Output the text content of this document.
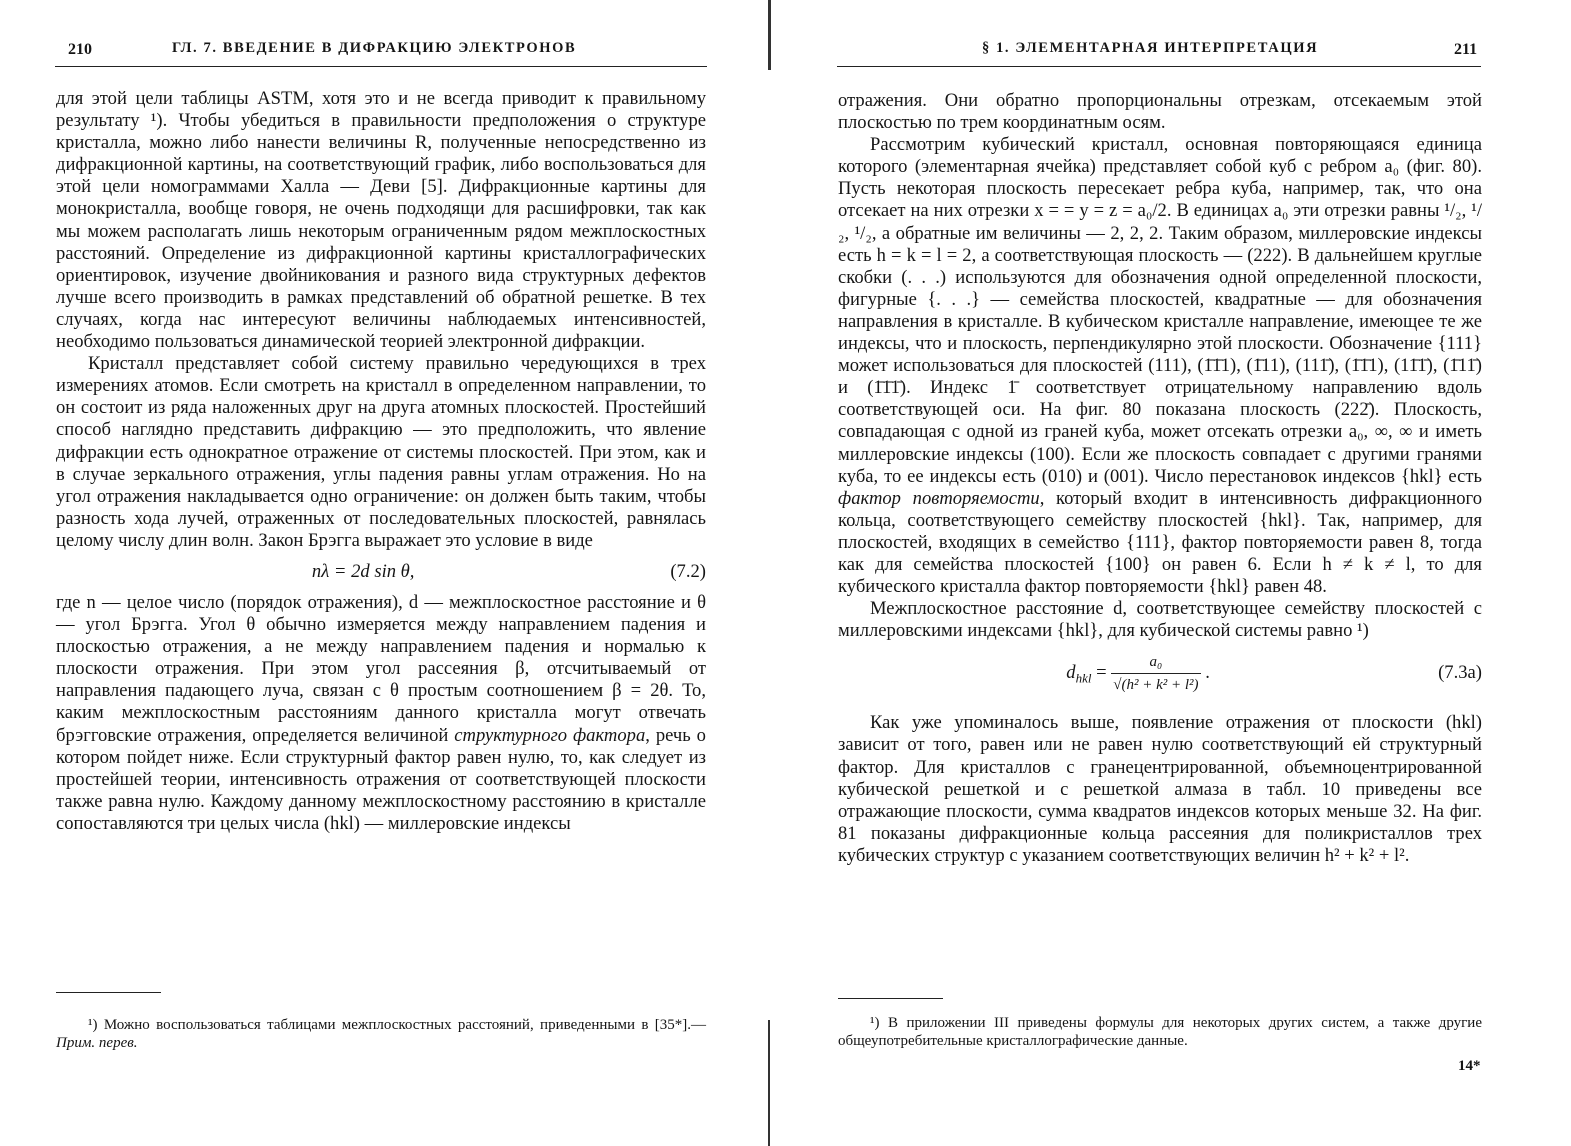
210	ГЛ. 7. ВВЕДЕНИЕ В ДИФРАКЦИЮ ЭЛЕКТРОНОВ

для этой цели таблицы ASTM, хотя это и не всегда приводит к правильному результату ¹). Чтобы убедиться в правильности предположения о структуре кристалла, можно либо нанести величины R, полученные непосредственно из дифракционной картины, на соответствующий график, либо воспользоваться для этой цели номограммами Халла — Деви [5]. Дифракционные картины для монокристалла, вообще говоря, не очень подходящи для расшифровки, так как мы можем располагать лишь некоторым ограниченным рядом межплоскостных расстояний. Определение из дифракционной картины кристаллографических ориентировок, изучение двойникования и разного вида структурных дефектов лучше всего производить в рамках представлений об обратной решетке. В тех случаях, когда нас интересуют величины наблюдаемых интенсивностей, необходимо пользоваться динамической теорией электронной дифракции.

Кристалл представляет собой систему правильно чередующихся в трех измерениях атомов. Если смотреть на кристалл в определенном направлении, то он состоит из ряда наложенных друг на друга атомных плоскостей. Простейший способ наглядно представить дифракцию — это предположить, что явление дифракции есть однократное отражение от системы плоскостей. При этом, как и в случае зеркального отражения, углы падения равны углам отражения. Но на угол отражения накладывается одно ограничение: он должен быть таким, чтобы разность хода лучей, отраженных от последовательных плоскостей, равнялась целому числу длин волн. Закон Брэгга выражает это условие в виде

nλ = 2d sin θ,	(7.2)

где n — целое число (порядок отражения), d — межплоскостное расстояние и θ — угол Брэгга. Угол θ обычно измеряется между направлением падения и плоскостью отражения, а не между направлением падения и нормалью к плоскости отражения. При этом угол рассеяния β, отсчитываемый от направления падающего луча, связан с θ простым соотношением β = 2θ. То, каким межплоскостным расстояниям данного кристалла могут отвечать брэгговские отражения, определяется величиной структурного фактора, речь о котором пойдет ниже. Если структурный фактор равен нулю, то, как следует из простейшей теории, интенсивность отражения от соответствующей плоскости также равна нулю. Каждому данному межплоскостному расстоянию в кристалле сопоставляются три целых числа (hkl) — миллеровские индексы

¹) Можно воспользоваться таблицами межплоскостных расстояний, приведенными в [35*].— Прим. перев.
§ 1. ЭЛЕМЕНТАРНАЯ ИНТЕРПРЕТАЦИЯ	211

отражения. Они обратно пропорциональны отрезкам, отсекаемым этой плоскостью по трем координатным осям.

Рассмотрим кубический кристалл, основная повторяющаяся единица которого (элементарная ячейка) представляет собой куб с ребром a₀ (фиг. 80). Пусть некоторая плоскость пересекает ребра куба, например, так, что она отсекает на них отрезки x = = y = z = a₀/2. В единицах a₀ эти отрезки равны ¹/₂, ¹/₂, ¹/₂, а обратные им величины — 2, 2, 2. Таким образом, миллеровские индексы есть h = k = l = 2, а соответствующая плоскость — (222). В дальнейшем круглые скобки (. . .) используются для обозначения одной определенной плоскости, фигурные {. . .} — семейства плоскостей, квадратные — для обозначения направления в кристалле. В кубическом кристалле направление, имеющее те же индексы, что и плоскость, перпендикулярно этой плоскости. Обозначение {111} может использоваться для плоскостей (111), (1̄1̄1), (1̄11), (111̄), (1̄1̄1), (11̄1̄), (1̄11̄) и (1̄1̄1̄). Индекс 1̄ соответствует отрицательному направлению вдоль соответствующей оси. На фиг. 80 показана плоскость (222̄). Плоскость, совпадающая с одной из граней куба, может отсекать отрезки a₀, ∞, ∞ и иметь миллеровские индексы (100). Если же плоскость совпадает с другими гранями куба, то ее индексы есть (010) и (001). Число перестановок индексов {hkl} есть фактор повторяемости, который входит в интенсивность дифракционного кольца, соответствующего семейству плоскостей {hkl}. Так, например, для плоскостей, входящих в семейство {111}, фактор повторяемости равен 8, тогда как для семейства плоскостей {100} он равен 6. Если h ≠ k ≠ l, то для кубического кристалла фактор повторяемости {hkl} равен 48.

Межплоскостное расстояние d, соответствующее семейству плоскостей с миллеровскими индексами {hkl}, для кубической системы равно ¹)

$d_{hkl} = \frac{\text{a₀}}{\text{√(h² + k² + l²)}}$ .	(7.3a)

Как уже упоминалось выше, появление отражения от плоскости (hkl) зависит от того, равен или не равен нулю соответствующий ей структурный фактор. Для кристаллов с гранецентрированной, объемноцентрированной кубической решеткой и с решеткой алмаза в табл. 10 приведены все отражающие плоскости, сумма квадратов индексов которых меньше 32. На фиг. 81 показаны дифракционные кольца рассеяния для поликристаллов трех кубических структур с указанием соответствующих величин h² + k² + l².

¹) В приложении III приведены формулы для некоторых других систем, а также другие общеупотребительные кристаллографические данные.
14*
